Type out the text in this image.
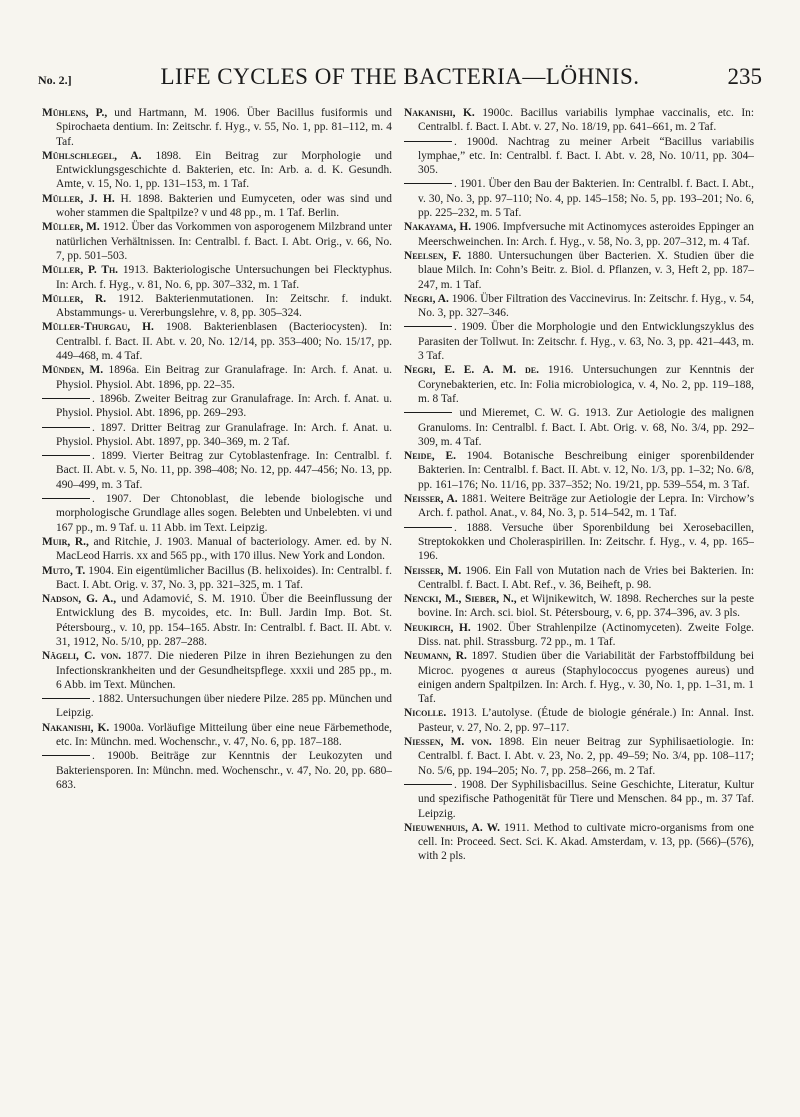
No. 2.]	LIFE CYCLES OF THE BACTERIA—LÖHNIS.	235
Mühlens, P., und Hartmann, M. 1906. Über Bacillus fusiformis und Spirochaeta dentium. In: Zeitschr. f. Hyg., v. 55, No. 1, pp. 81–112, m. 4 Taf.
Mühlschlegel, A. 1898. Ein Beitrag zur Morphologie und Entwicklungsgeschichte d. Bakterien, etc. In: Arb. a. d. K. Gesundh. Amte, v. 15, No. 1, pp. 131–153, m. 1 Taf.
Müller, J. H. H. 1898. Bakterien und Eumyceten, oder was sind und woher stammen die Spaltpilze? v und 48 pp., m. 1 Taf. Berlin.
Müller, M. 1912. Über das Vorkommen von asporogenem Milzbrand unter natürlichen Verhältnissen. In: Centralbl. f. Bact. I. Abt. Orig., v. 66, No. 7, pp. 501–503.
Müller, P. Th. 1913. Bakteriologische Untersuchungen bei Flecktyphus. In: Arch. f. Hyg., v. 81, No. 6, pp. 307–332, m. 1 Taf.
Müller, R. 1912. Bakterienmutationen. In: Zeitschr. f. indukt. Abstammungs- u. Vererbungslehre, v. 8, pp. 305–324.
Müller-Thurgau, H. 1908. Bakterienblasen (Bacteriocysten). In: Centralbl. f. Bact. II. Abt. v. 20, No. 12/14, pp. 353–400; No. 15/17, pp. 449–468, m. 4 Taf.
Münden, M. 1896a. Ein Beitrag zur Granulafrage. In: Arch. f. Anat. u. Physiol. Physiol. Abt. 1896, pp. 22–35.
. 1896b. Zweiter Beitrag zur Granulafrage. In: Arch. f. Anat. u. Physiol. Physiol. Abt. 1896, pp. 269–293.
. 1897. Dritter Beitrag zur Granulafrage. In: Arch. f. Anat. u. Physiol. Physiol. Abt. 1897, pp. 340–369, m. 2 Taf.
. 1899. Vierter Beitrag zur Cytoblastenfrage. In: Centralbl. f. Bact. II. Abt. v. 5, No. 11, pp. 398–408; No. 12, pp. 447–456; No. 13, pp. 490–499, m. 3 Taf.
. 1907. Der Chtonoblast, die lebende biologische und morphologische Grundlage alles sogen. Belebten und Unbelebten. vi und 167 pp., m. 9 Taf. u. 11 Abb. im Text. Leipzig.
Muir, R., and Ritchie, J. 1903. Manual of bacteriology. Amer. ed. by N. MacLeod Harris. xx and 565 pp., with 170 illus. New York and London.
Muto, T. 1904. Ein eigentümlicher Bacillus (B. helixoides). In: Centralbl. f. Bact. I. Abt. Orig. v. 37, No. 3, pp. 321–325, m. 1 Taf.
Nadson, G. A., und Adamović, S. M. 1910. Über die Beeinflussung der Entwicklung des B. mycoides, etc. In: Bull. Jardin Imp. Bot. St. Pétersbourg., v. 10, pp. 154–165. Abstr. In: Centralbl. f. Bact. II. Abt. v. 31, 1912, No. 5/10, pp. 287–288.
Nägeli, C. von. 1877. Die niederen Pilze in ihren Beziehungen zu den Infectionskrankheiten und der Gesundheitspflege. xxxii und 285 pp., m. 6 Abb. im Text. München.
. 1882. Untersuchungen über niedere Pilze. 285 pp. München und Leipzig.
Nakanishi, K. 1900a. Vorläufige Mitteilung über eine neue Färbemethode, etc. In: Münchn. med. Wochenschr., v. 47, No. 6, pp. 187–188.
. 1900b. Beiträge zur Kenntnis der Leukozyten und Bakteriensporen. In: Münchn. med. Wochenschr., v. 47, No. 20, pp. 680–683.
Nakanishi, K. 1900c. Bacillus variabilis lymphae vaccinalis, etc. In: Centralbl. f. Bact. I. Abt. v. 27, No. 18/19, pp. 641–661, m. 2 Taf.
. 1900d. Nachtrag zu meiner Arbeit “Bacillus variabilis lymphae,” etc. In: Centralbl. f. Bact. I. Abt. v. 28, No. 10/11, pp. 304–305.
. 1901. Über den Bau der Bakterien. In: Centralbl. f. Bact. I. Abt., v. 30, No. 3, pp. 97–110; No. 4, pp. 145–158; No. 5, pp. 193–201; No. 6, pp. 225–232, m. 5 Taf.
Nakayama, H. 1906. Impfversuche mit Actinomyces asteroides Eppinger an Meerschweinchen. In: Arch. f. Hyg., v. 58, No. 3, pp. 207–312, m. 4 Taf.
Neelsen, F. 1880. Untersuchungen über Bacterien. X. Studien über die blaue Milch. In: Cohn’s Beitr. z. Biol. d. Pflanzen, v. 3, Heft 2, pp. 187–247, m. 1 Taf.
Negri, A. 1906. Über Filtration des Vaccinevirus. In: Zeitschr. f. Hyg., v. 54, No. 3, pp. 327–346.
. 1909. Über die Morphologie und den Entwicklungszyklus des Parasiten der Tollwut. In: Zeitschr. f. Hyg., v. 63, No. 3, pp. 421–443, m. 3 Taf.
Negri, E. E. A. M. de. 1916. Untersuchungen zur Kenntnis der Corynebakterien, etc. In: Folia microbiologica, v. 4, No. 2, pp. 119–188, m. 8 Taf.
und Mieremet, C. W. G. 1913. Zur Aetiologie des malignen Granuloms. In: Centralbl. f. Bact. I. Abt. Orig. v. 68, No. 3/4, pp. 292–309, m. 4 Taf.
Neide, E. 1904. Botanische Beschreibung einiger sporenbildender Bakterien. In: Centralbl. f. Bact. II. Abt. v. 12, No. 1/3, pp. 1–32; No. 6/8, pp. 161–176; No. 11/16, pp. 337–352; No. 19/21, pp. 539–554, m. 3 Taf.
Neisser, A. 1881. Weitere Beiträge zur Aetiologie der Lepra. In: Virchow’s Arch. f. pathol. Anat., v. 84, No. 3, p. 514–542, m. 1 Taf.
. 1888. Versuche über Sporenbildung bei Xerosebacillen, Streptokokken und Choleraspirillen. In: Zeitschr. f. Hyg., v. 4, pp. 165–196.
Neisser, M. 1906. Ein Fall von Mutation nach de Vries bei Bakterien. In: Centralbl. f. Bact. I. Abt. Ref., v. 36, Beiheft, p. 98.
Nencki, M., Sieber, N., et Wijnikewitch, W. 1898. Recherches sur la peste bovine. In: Arch. sci. biol. St. Pétersbourg, v. 6, pp. 374–396, av. 3 pls.
Neukirch, H. 1902. Über Strahlenpilze (Actinomyceten). Zweite Folge. Diss. nat. phil. Strassburg. 72 pp., m. 1 Taf.
Neumann, R. 1897. Studien über die Variabilität der Farbstoffbildung bei Microc. pyogenes α aureus (Staphylococcus pyogenes aureus) und einigen andern Spaltpilzen. In: Arch. f. Hyg., v. 30, No. 1, pp. 1–31, m. 1 Taf.
Nicolle. 1913. L’autolyse. (Étude de biologie générale.) In: Annal. Inst. Pasteur, v. 27, No. 2, pp. 97–117.
Niessen, M. von. 1898. Ein neuer Beitrag zur Syphilisaetiologie. In: Centralbl. f. Bact. I. Abt. v. 23, No. 2, pp. 49–59; No. 3/4, pp. 108–117; No. 5/6, pp. 194–205; No. 7, pp. 258–266, m. 2 Taf.
. 1908. Der Syphilisbacillus. Seine Geschichte, Literatur, Kultur und spezifische Pathogenität für Tiere und Menschen. 84 pp., m. 37 Taf. Leipzig.
Nieuwenhuis, A. W. 1911. Method to cultivate micro-organisms from one cell. In: Proceed. Sect. Sci. K. Akad. Amsterdam, v. 13, pp. (566)–(576), with 2 pls.
